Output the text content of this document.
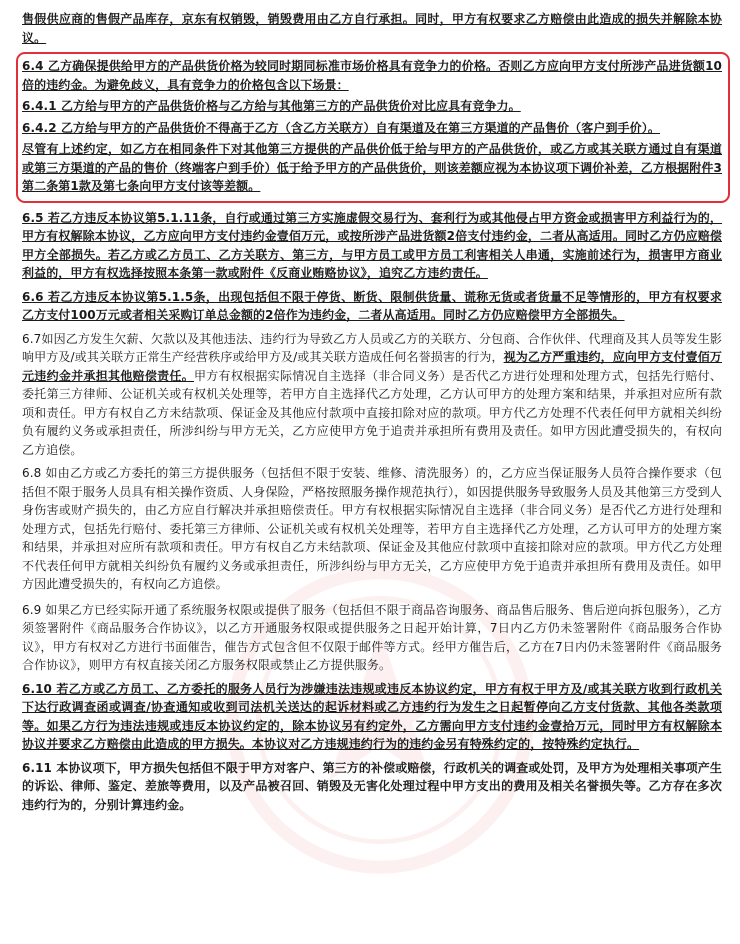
售假供应商的售假产品库存，京东有权销毁，销毁费用由乙方自行承担。同时，甲方有权要求乙方赔偿由此造成的损失并解除本协议。

6.4 乙方确保提供给甲方的产品供货价格为较同时期同标准市场价格具有竞争力的价格。否则乙方应向甲方支付所涉产品进货额10倍的违约金。为避免歧义，具有竞争力的价格包含以下场景：

6.4.1 乙方给与甲方的产品供货价格与乙方给与其他第三方的产品供货价对比应具有竞争力。

6.4.2 乙方给与甲方的产品供货价不得高于乙方（含乙方关联方）自有渠道及在第三方渠道的产品售价（客户到手价）。

尽管有上述约定，如乙方在相同条件下对其他第三方提供的产品供价低于给与甲方的产品供货价，或乙方或其关联方通过自有渠道或第三方渠道的产品的售价（终端客户到手价）低于给予甲方的产品供货价，则该差额应视为本协议项下调价补差，乙方根据附件3第二条第1款及第七条向甲方支付该等差额。

6.5 若乙方违反本协议第5.1.11条，自行或通过第三方实施虚假交易行为、套利行为或其他侵占甲方资金或损害甲方利益行为的，甲方有权解除本协议，乙方应向甲方支付违约金壹佰万元，或按所涉产品进货额2倍支付违约金，二者从高适用。同时乙方仍应赔偿甲方全部损失。若乙方或乙方员工、乙方关联方、第三方，与甲方员工或甲方员工利害相关人串通，实施前述行为，损害甲方商业利益的，甲方有权选择按照本条第一款或附件《反商业贿赂协议》，追究乙方违约责任。

6.6 若乙方违反本协议第5.1.5条，出现包括但不限于停货、断货、限制供货量、谎称无货或者货量不足等情形的，甲方有权要求乙方支付100万元或者相关采购订单总金额的2倍作为违约金，二者从高适用。同时乙方仍应赔偿甲方全部损失。

6.7如因乙方发生欠薪、欠款以及其他违法、违约行为导致乙方人员或乙方的关联方、分包商、合作伙伴、代理商及其人员等发生影响甲方及/或其关联方正常生产经营秩序或给甲方及/或其关联方造成任何名誉损害的行为，视为乙方严重违约，应向甲方支付壹佰万元违约金并承担其他赔偿责任。甲方有权根据实际情况自主选择（非合同义务）是否代乙方进行处理和处理方式，包括先行赔付、委托第三方律师、公证机关或有权机关处理等，若甲方自主选择代乙方处理，乙方认可甲方的处理方案和结果，并承担对应所有款项和责任。甲方有权自乙方未结款项、保证金及其他应付款项中直接扣除对应的款项。甲方代乙方处理不代表任何甲方就相关纠纷负有履约义务或承担责任，所涉纠纷与甲方无关，乙方应使甲方免于追责并承担所有费用及责任。如甲方因此遭受损失的，有权向乙方追偿。

6.8 如由乙方或乙方委托的第三方提供服务（包括但不限于安装、维修、清洗服务）的，乙方应当保证服务人员符合操作要求（包括但不限于服务人员具有相关操作资质、人身保险，严格按照服务操作规范执行），如因提供服务导致服务人员及其他第三方受到人身伤害或财产损失的，由乙方应自行解决并承担赔偿责任。甲方有权根据实际情况自主选择（非合同义务）是否代乙方进行处理和处理方式，包括先行赔付、委托第三方律师、公证机关或有权机关处理等，若甲方自主选择代乙方处理，乙方认可甲方的处理方案和结果，并承担对应所有款项和责任。甲方有权自乙方未结款项、保证金及其他应付款项中直接扣除对应的款项。甲方代乙方处理不代表任何甲方就相关纠纷负有履约义务或承担责任，所涉纠纷与甲方无关，乙方应使甲方免于追责并承担所有费用及责任。如甲方因此遭受损失的，有权向乙方追偿。

6.9 如果乙方已经实际开通了系统服务权限或提供了服务（包括但不限于商品咨询服务、商品售后服务、售后逆向拆包服务），乙方须签署附件《商品服务合作协议》，以乙方开通服务权限或提供服务之日起开始计算，7日内乙方仍未签署附件《商品服务合作协议》，甲方有权对乙方进行书面催告，催告方式包含但不仅限于邮件等方式。经甲方催告后，乙方在7日内仍未签署附件《商品服务合作协议》，则甲方有权直接关闭乙方服务权限或禁止乙方提供服务。

6.10 若乙方或乙方员工、乙方委托的服务人员行为涉嫌违法违规或违反本协议约定，甲方有权于甲方及/或其关联方收到行政机关下达行政调查函或调查/协查通知或收到司法机关送达的起诉材料或乙方违约行为发生之日起暂停向乙方支付货款、其他各类款项等。如果乙方行为违法违规或违反本协议约定的，除本协议另有约定外，乙方需向甲方支付违约金壹拾万元，同时甲方有权解除本协议并要求乙方赔偿由此造成的甲方损失。本协议对乙方违规违约行为的违约金另有特殊约定的，按特殊约定执行。

6.11 本协议项下，甲方损失包括但不限于甲方对客户、第三方的补偿或赔偿，行政机关的调查或处罚，及甲方为处理相关事项产生的诉讼、律师、鉴定、差旅等费用，以及产品被召回、销毁及无害化处理过程中甲方支出的费用及相关名誉损失等。乙方存在多次违约行为的，分别计算违约金。
